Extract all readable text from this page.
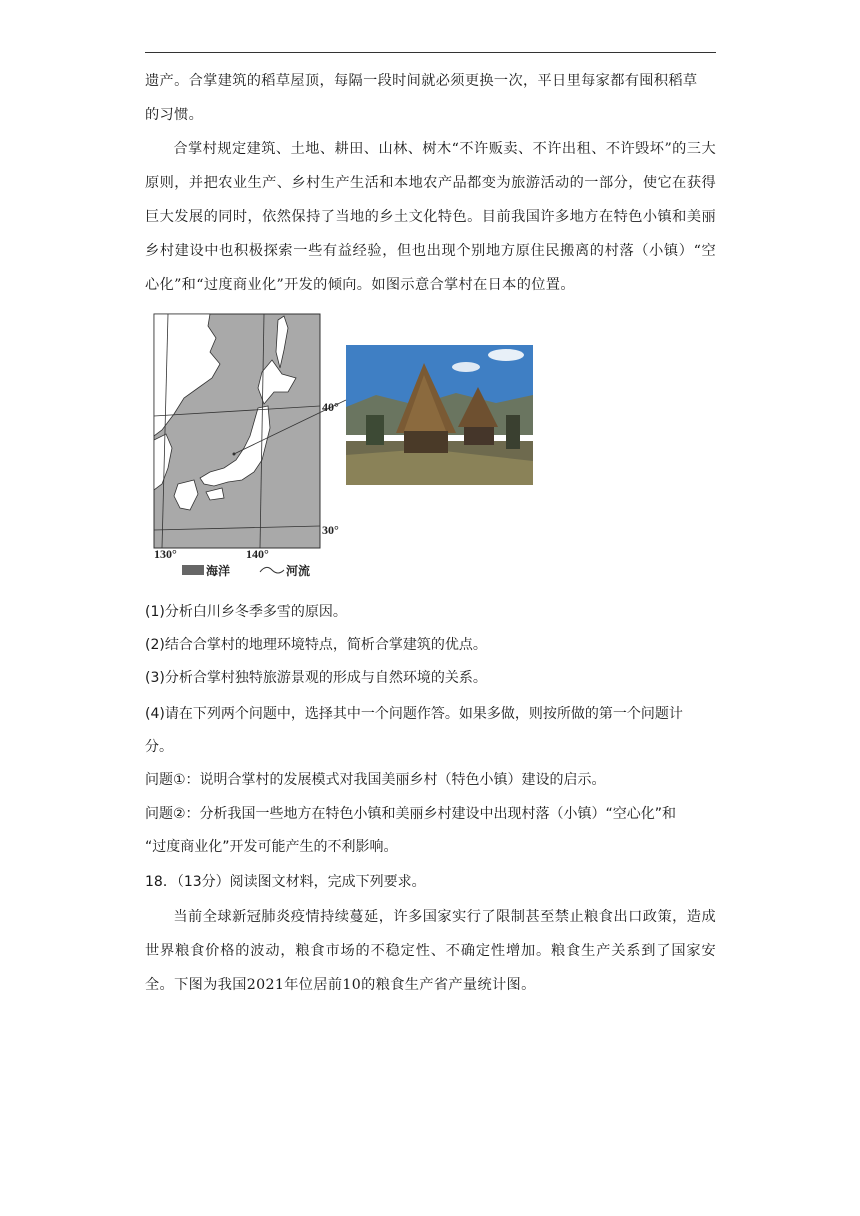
遗产。合掌建筑的稻草屋顶，每隔一段时间就必须更换一次，平日里每家都有囤积稻草
的习惯。
合掌村规定建筑、土地、耕田、山林、树木“不许贩卖、不许出租、不许毁坏”的三大原则，并把农业生产、乡村生产生活和本地农产品都变为旅游活动的一部分，使它在获得巨大发展的同时，依然保持了当地的乡土文化特色。目前我国许多地方在特色小镇和美丽乡村建设中也积极探索一些有益经验，但也出现个别地方原住民搬离的村落（小镇）“空心化”和“过度商业化”开发的倾向。如图示意合掌村在日本的位置。
40°
30°
130°	140°
海洋	河流
(1)分析白川乡冬季多雪的原因。
(2)结合合掌村的地理环境特点，简析合掌建筑的优点。
(3)分析合掌村独特旅游景观的形成与自然环境的关系。
(4)请在下列两个问题中，选择其中一个问题作答。如果多做，则按所做的第一个问题计
分。
问题①：说明合掌村的发展模式对我国美丽乡村（特色小镇）建设的启示。
问题②：分析我国一些地方在特色小镇和美丽乡村建设中出现村落（小镇）“空心化”和
“过度商业化”开发可能产生的不利影响。
18．（13分）阅读图文材料，完成下列要求。
当前全球新冠肺炎疫情持续蔓延，许多国家实行了限制甚至禁止粮食出口政策，造成世界粮食价格的波动，粮食市场的不稳定性、不确定性增加。粮食生产关系到了国家安全。下图为我国2021年位居前10的粮食生产省产量统计图。
